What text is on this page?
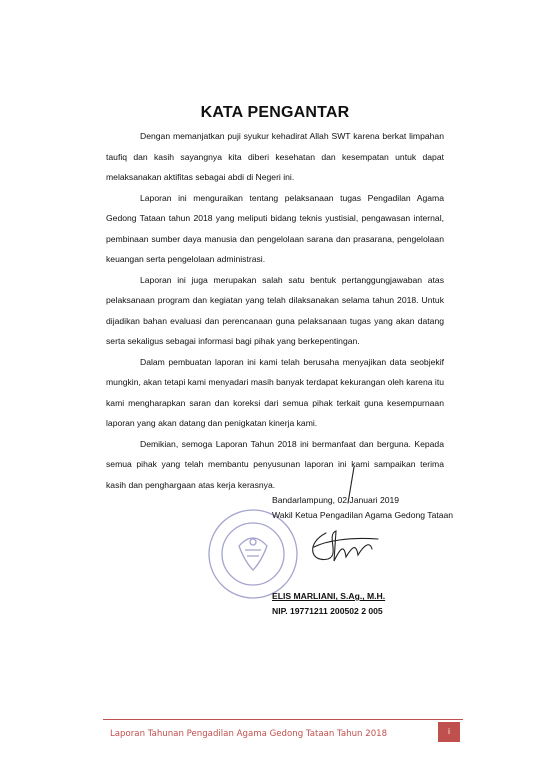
KATA PENGANTAR

Dengan memanjatkan puji syukur kehadirat Allah SWT karena berkat limpahan taufiq dan kasih sayangnya kita diberi kesehatan dan kesempatan untuk dapat melaksanakan aktifitas sebagai abdi di Negeri ini.

Laporan ini menguraikan tentang pelaksanaan tugas Pengadilan Agama Gedong Tataan tahun 2018 yang meliputi bidang teknis yustisial, pengawasan internal, pembinaan sumber daya manusia dan pengelolaan sarana dan prasarana, pengelolaan keuangan serta pengelolaan administrasi.

Laporan ini juga merupakan salah satu bentuk pertanggungjawaban atas pelaksanaan program dan kegiatan yang telah dilaksanakan selama tahun 2018. Untuk dijadikan bahan evaluasi dan perencanaan guna pelaksanaan tugas yang akan datang serta sekaligus sebagai informasi bagi pihak yang berkepentingan.

Dalam pembuatan laporan ini kami telah berusaha menyajikan data seobjekif mungkin, akan tetapi kami menyadari masih banyak terdapat kekurangan oleh karena itu kami mengharapkan saran dan koreksi dari semua pihak terkait guna kesempurnaan laporan yang akan datang dan penigkatan kinerja kami.

Demikian, semoga Laporan Tahun 2018 ini bermanfaat dan berguna. Kepada semua pihak yang telah membantu penyusunan laporan ini kami sampaikan terima kasih dan penghargaan atas kerja kerasnya.

Bandarlampung, 02 Januari 2019
Wakil Ketua Pengadilan Agama Gedong Tataan
ELIS MARLIANI, S.Ag., M.H.
NIP. 19771211 200502 2 005
Laporan Tahunan Pengadilan Agama Gedong Tataan Tahun 2018	i
